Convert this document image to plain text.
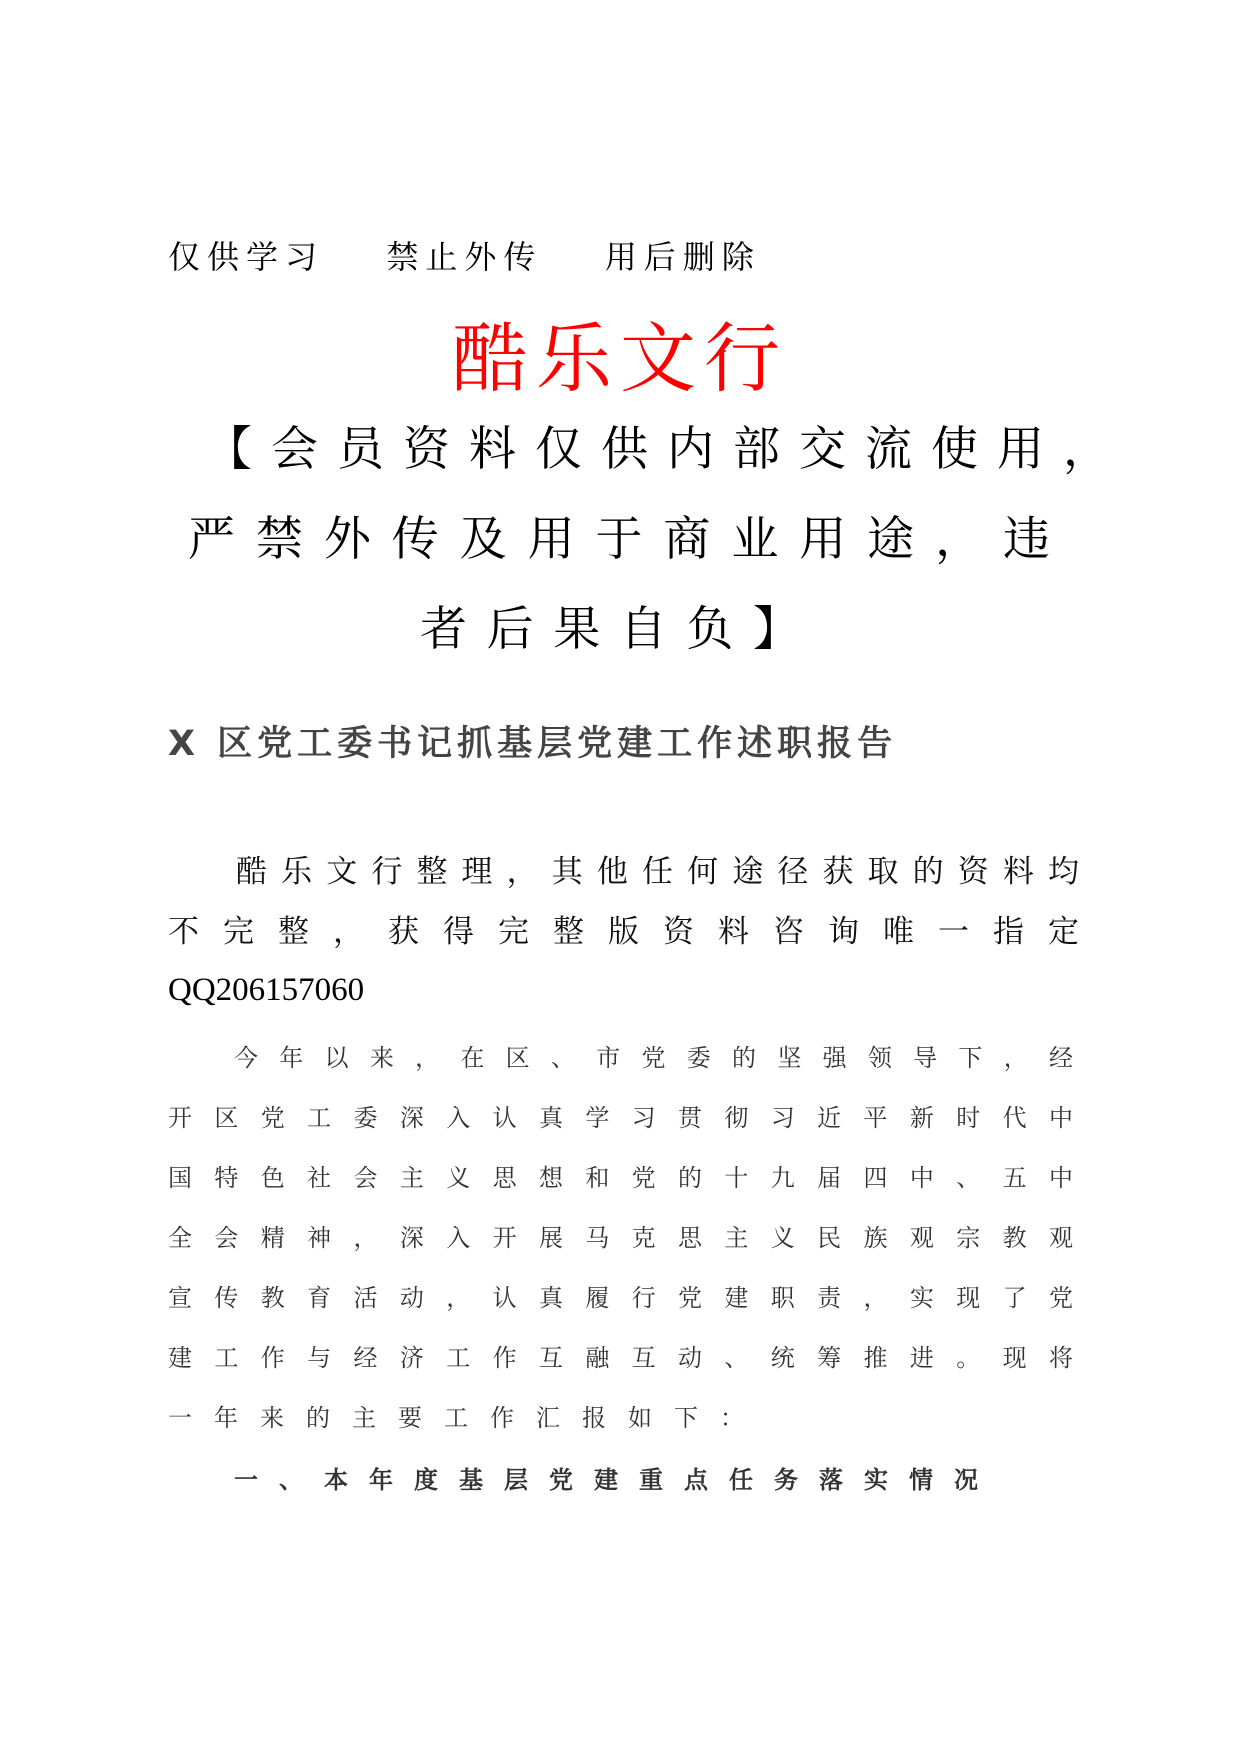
仅供学习  禁止外传  用后删除
酷乐文行
【 会 员 资 料 仅 供 内 部 交 流 使 用 ，
严 禁 外 传 及 用 于 商 业 用 途 ， 违
者 后 果 自 负 】
X 区党工委书记抓基层党建工作述职报告
酷 乐 文 行 整 理 ， 其 他 任 何 途 径 获 取 的 资 料 均
不 完 整 ， 获 得 完 整 版 资 料 咨 询 唯 一 指 定
QQ206157060
今 年 以 来 ， 在 区 、 市 党 委 的 坚 强 领 导 下 ， 经
开 区 党 工 委 深 入 认 真 学 习 贯 彻 习 近 平 新 时 代 中
国 特 色 社 会 主 义 思 想 和 党 的 十 九 届 四 中 、 五 中
全 会 精 神 ， 深 入 开 展 马 克 思 主 义 民 族 观 宗 教 观
宣 传 教 育 活 动 ， 认 真 履 行 党 建 职 责 ， 实 现 了 党
建 工 作 与 经 济 工 作 互 融 互 动 、 统 筹 推 进 。 现 将
一年来的主要工作汇报如下：
一 、 本 年 度 基 层 党 建 重 点 任 务 落 实 情 况
